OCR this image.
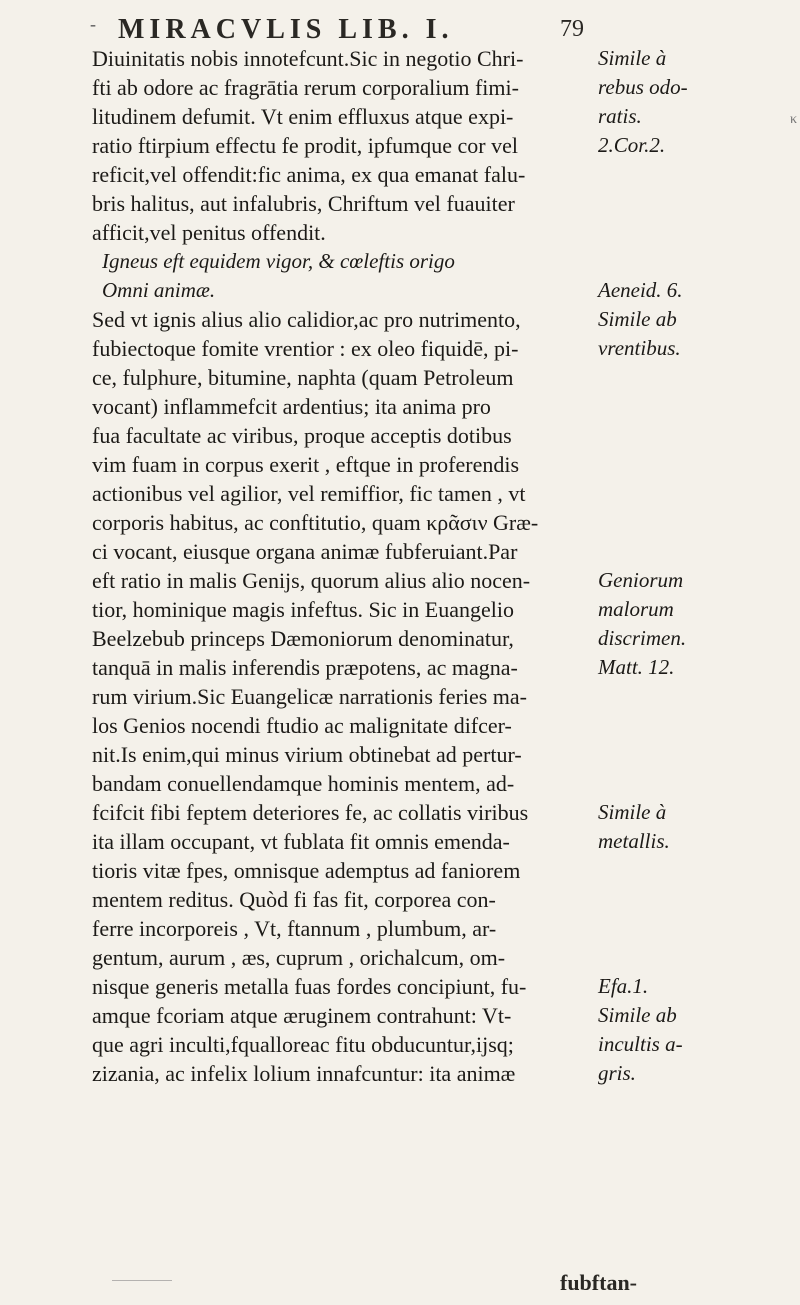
- MIRACVLIS LIB. I.	79
Diuinitatis nobis innotefcunt.Sic in negotio Chri-
fti ab odore ac fragrātia rerum corporalium fimi-
litudinem defumit. Vt enim effluxus atque expi-
ratio ftirpium effectu fe prodit, ipfumque cor vel
reficit,vel offendit:fic anima, ex qua emanat falu-
bris halitus, aut infalubris, Chriftum vel fuauiter
afficit,vel penitus offendit.
Igneus eft equidem vigor, & cœleftis origo
Omni animæ.
Sed vt ignis alius alio calidior,ac pro nutrimento,
fubiectoque fomite vrentior : ex oleo fiquidē, pi-
ce, fulphure, bitumine, naphta (quam Petroleum
vocant) inflammefcit ardentius; ita anima pro
fua facultate ac viribus, proque acceptis dotibus
vim fuam in corpus exerit , eftque in proferendis
actionibus vel agilior, vel remiffior, fic tamen , vt
corporis habitus, ac conftitutio, quam κρᾶσιν Græ-
ci vocant, eiusque organa animæ fubferuiant.Par
eft ratio in malis Genijs, quorum alius alio nocen-
tior, hominique magis infeftus. Sic in Euangelio
Beelzebub princeps Dæmoniorum denominatur,
tanquā in malis inferendis præpotens, ac magna-
rum virium.Sic Euangelicæ narrationis feries ma-
los Genios nocendi ftudio ac malignitate difcer-
nit.Is enim,qui minus virium obtinebat ad pertur-
bandam conuellendamque hominis mentem, ad-
fcifcit fibi feptem deteriores fe, ac collatis viribus
ita illam occupant, vt fublata fit omnis emenda-
tioris vitæ fpes, omnisque ademptus ad faniorem
mentem reditus. Quòd fi fas fit, corporea con-
ferre incorporeis , Vt, ftannum , plumbum, ar-
gentum, aurum , æs, cuprum , orichalcum, om-
nisque generis metalla fuas fordes concipiunt, fu-
amque fcoriam atque æruginem contrahunt: Vt-
que agri inculti,fqualloreac fitu obducuntur,ijsq;
zizania, ac infelix lolium innafcuntur: ita animæ
Simile à
rebus odo-
ratis.
2.Cor.2.
Aeneid. 6.
Simile ab
vrentibus.
Geniorum
malorum
discrimen.
Matt. 12.
Simile à
metallis.
Efa.1.
Simile ab
incultis a-
gris.
κ
fubftan-
